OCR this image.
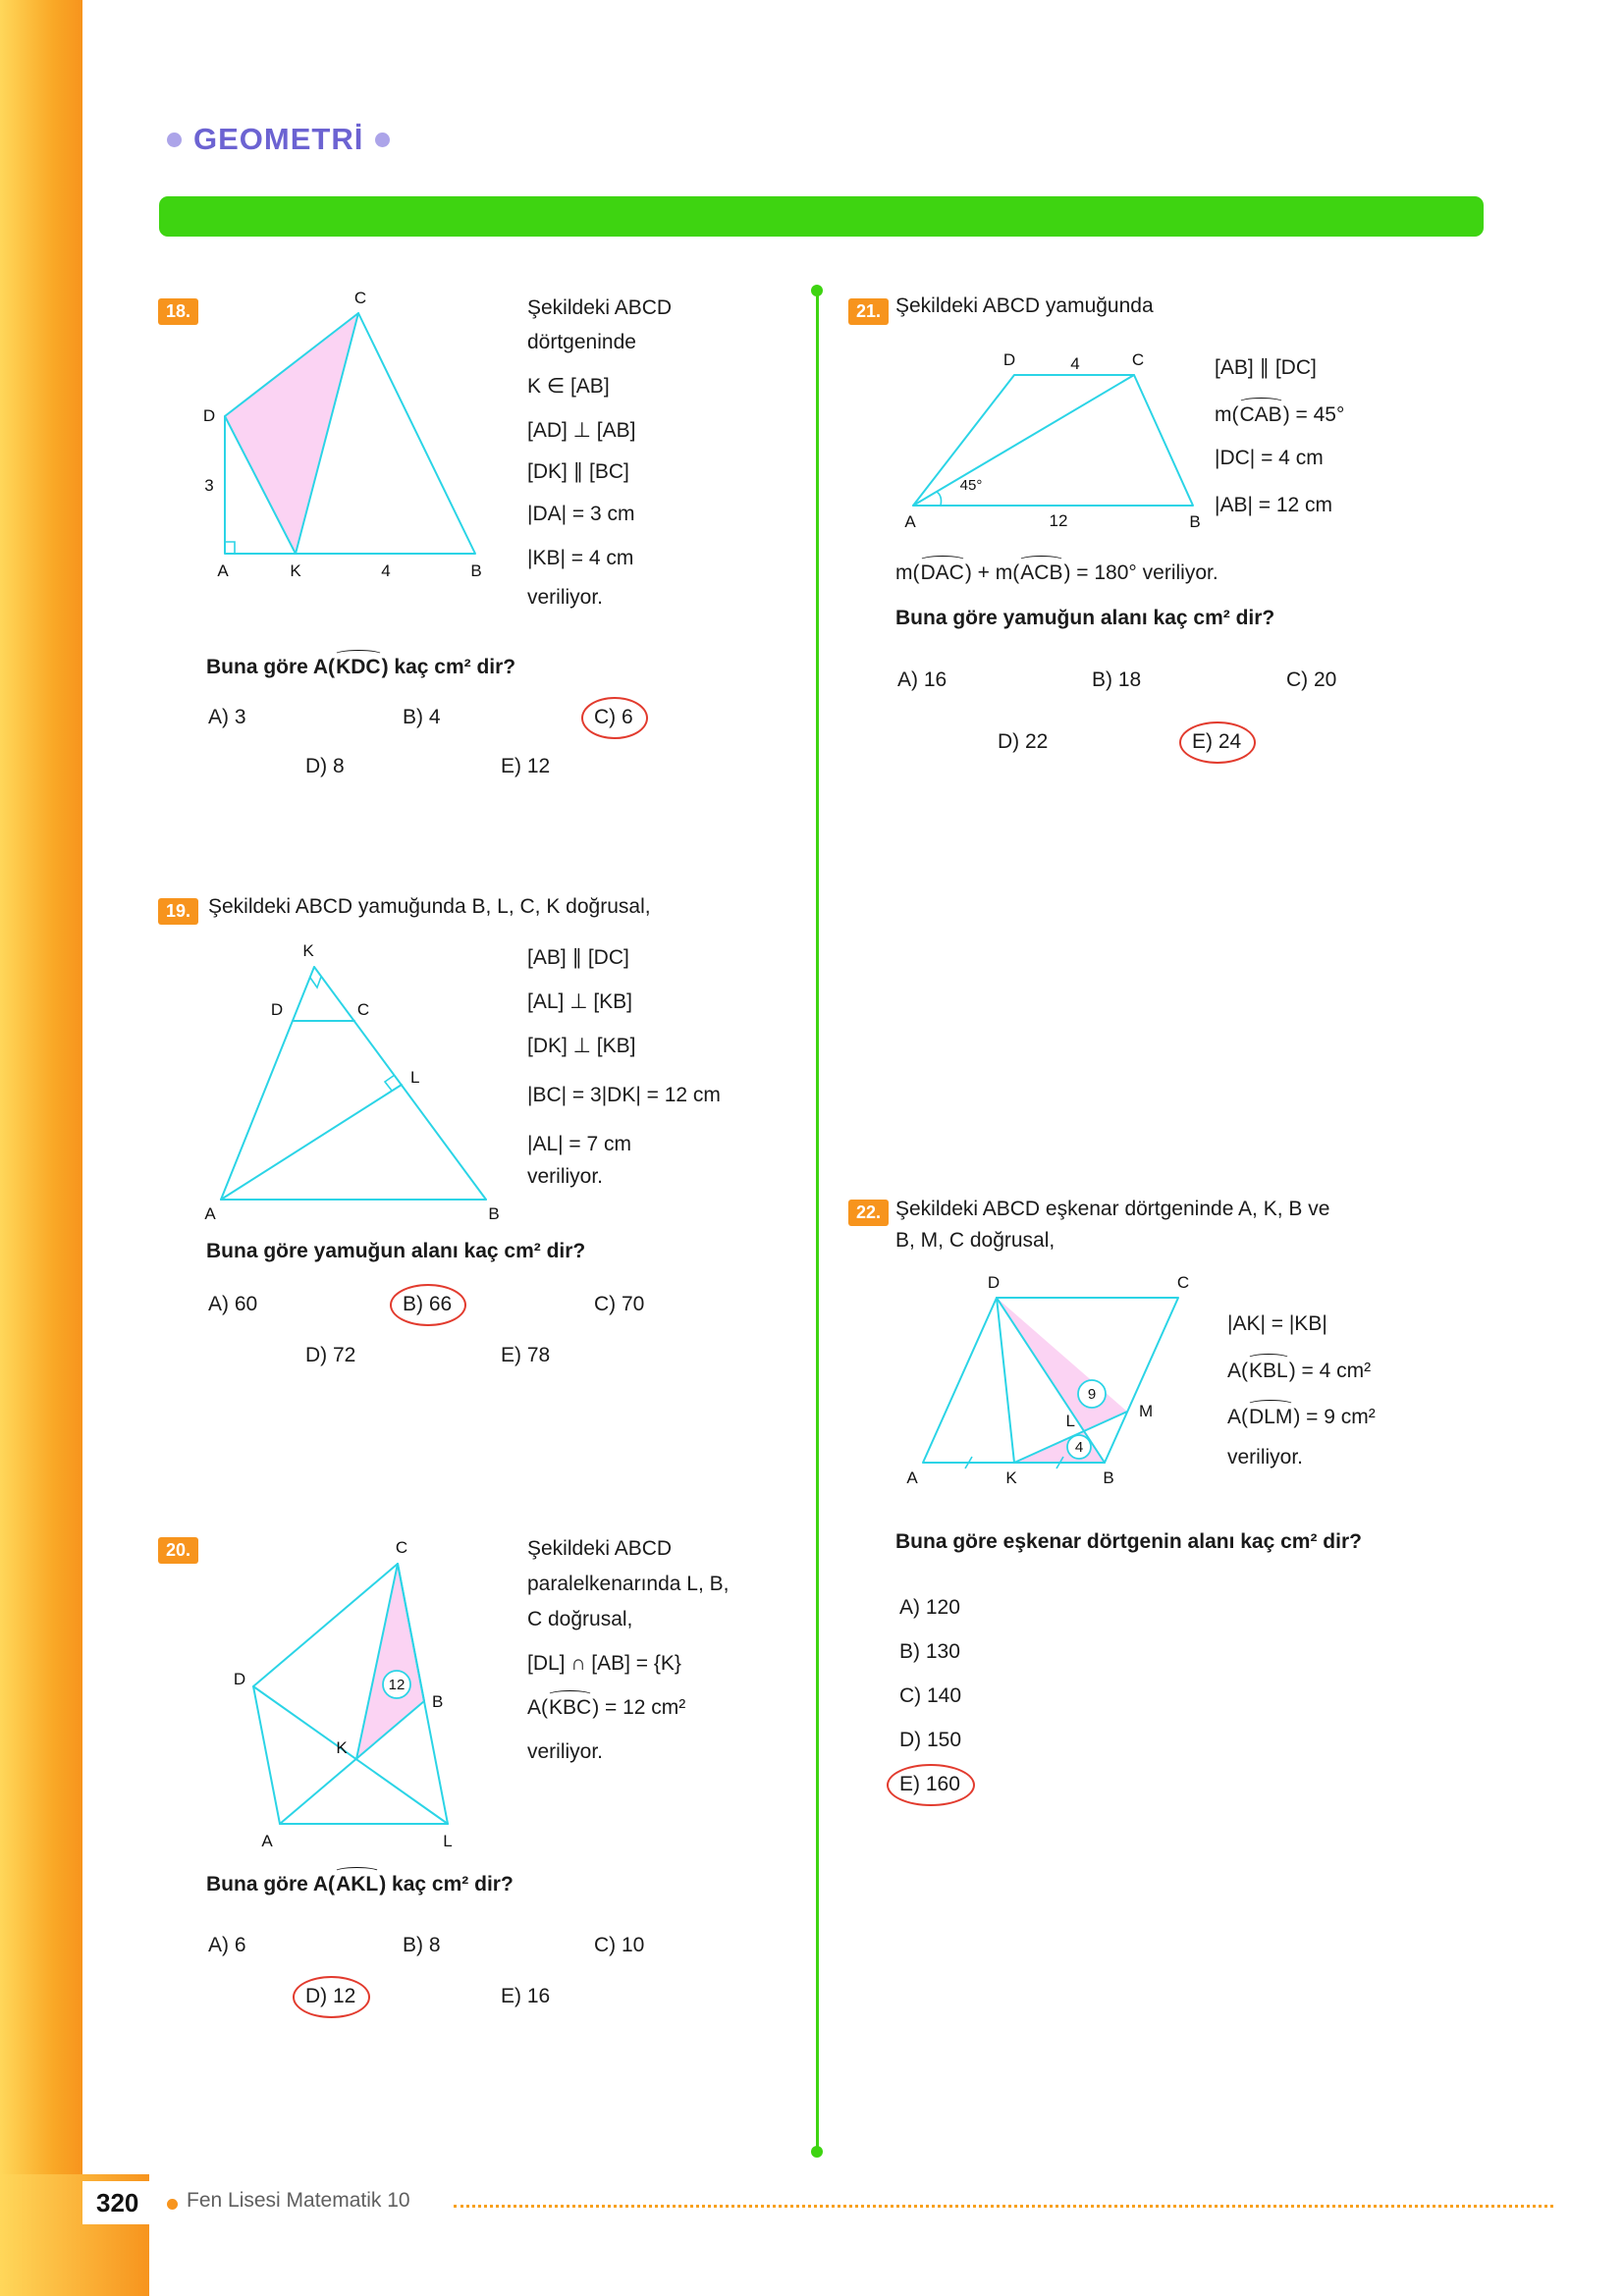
GEOMETRİ
18.
C
D
3
A	K	4	B
Şekildeki ABCD
dörtgeninde
K ∈ [AB]
[AD] ⊥ [AB]
[DK] ∥ [BC]
|DA| = 3 cm
|KB| = 4 cm
veriliyor.
Buna göre A(KDC) kaç cm² dir?
A) 3	B) 4	C) 6
D) 8	E) 12
19. Şekildeki ABCD yamuğunda B, L, C, K doğrusal,
K
D	C
L
A	B
[AB] ∥ [DC]
[AL] ⊥ [KB]
[DK] ⊥ [KB]
|BC| = 3|DK| = 12 cm
|AL| = 7 cm
veriliyor.
Buna göre yamuğun alanı kaç cm² dir?
A) 60	B) 66	C) 70
D) 72	E) 78
20.
12
C
D
B
K
A	L
Şekildeki ABCD
paralelkenarında L, B,
C doğrusal,
[DL] ∩ [AB] = {K}
A(KBC) = 12 cm²
veriliyor.
Buna göre A(AKL) kaç cm² dir?
A) 6	B) 8	C) 10
D) 12	E) 16
21. Şekildeki ABCD yamuğunda
45°
D	4	C
A	12	B
[AB] ∥ [DC]
m(CAB) = 45°
|DC| = 4 cm
|AB| = 12 cm
m(DAC) + m(ACB) = 180° veriliyor.
Buna göre yamuğun alanı kaç cm² dir?
A) 16	B) 18	C) 20
D) 22	E) 24
22. Şekildeki ABCD eşkenar dörtgeninde A, K, B ve
B, M, C doğrusal,
9
4
D	C
M
L
A	K	B
|AK| = |KB|
A(KBL) = 4 cm²
A(DLM) = 9 cm²
veriliyor.
Buna göre eşkenar dörtgenin alanı kaç cm² dir?
A) 120
B) 130
C) 140
D) 150
E) 160
320 Fen Lisesi Matematik 10
